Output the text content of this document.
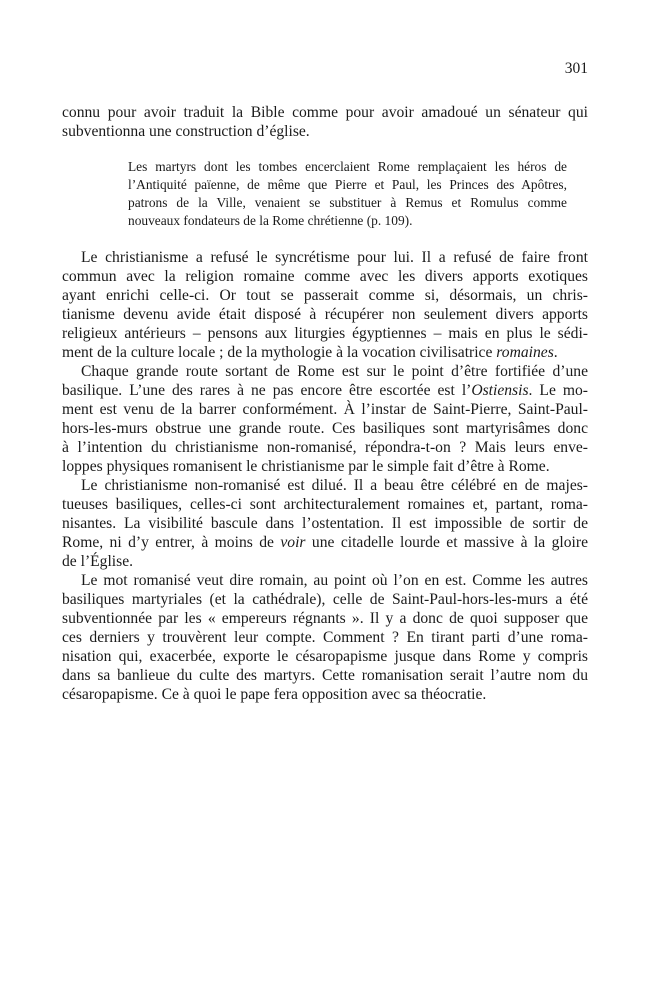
301
connu pour avoir traduit la Bible comme pour avoir amadoué un sénateur qui
subventionna une construction d’église.
Les martyrs dont les tombes encerclaient Rome remplaçaient les héros de
l’Antiquité païenne, de même que Pierre et Paul, les Princes des Apôtres,
patrons de la Ville, venaient se substituer à Remus et Romulus comme
nouveaux fondateurs de la Rome chrétienne (p. 109).
Le christianisme a refusé le syncrétisme pour lui. Il a refusé de faire front
commun avec la religion romaine comme avec les divers apports exotiques
ayant enrichi celle-ci. Or tout se passerait comme si, désormais, un chris-
tianisme devenu avide était disposé à récupérer non seulement divers apports
religieux antérieurs – pensons aux liturgies égyptiennes – mais en plus le sédi-
ment de la culture locale ; de la mythologie à la vocation civilisatrice romaines.
Chaque grande route sortant de Rome est sur le point d’être fortifiée d’une
basilique. L’une des rares à ne pas encore être escortée est l’Ostiensis. Le mo-
ment est venu de la barrer conformément. À l’instar de Saint-Pierre, Saint-Paul-
hors-les-murs obstrue une grande route. Ces basiliques sont martyrisâmes donc
à l’intention du christianisme non-romanisé, répondra-t-on ? Mais leurs enve-
loppes physiques romanisent le christianisme par le simple fait d’être à Rome.
Le christianisme non-romanisé est dilué. Il a beau être célébré en de majes-
tueuses basiliques, celles-ci sont architecturalement romaines et, partant, roma-
nisantes. La visibilité bascule dans l’ostentation. Il est impossible de sortir de
Rome, ni d’y entrer, à moins de voir une citadelle lourde et massive à la gloire
de l’Église.
Le mot romanisé veut dire romain, au point où l’on en est. Comme les autres
basiliques martyriales (et la cathédrale), celle de Saint-Paul-hors-les-murs a été
subventionnée par les « empereurs régnants ». Il y a donc de quoi supposer que
ces derniers y trouvèrent leur compte. Comment ? En tirant parti d’une roma-
nisation qui, exacerbée, exporte le césaropapisme jusque dans Rome y compris
dans sa banlieue du culte des martyrs. Cette romanisation serait l’autre nom du
césaropapisme. Ce à quoi le pape fera opposition avec sa théocratie.
